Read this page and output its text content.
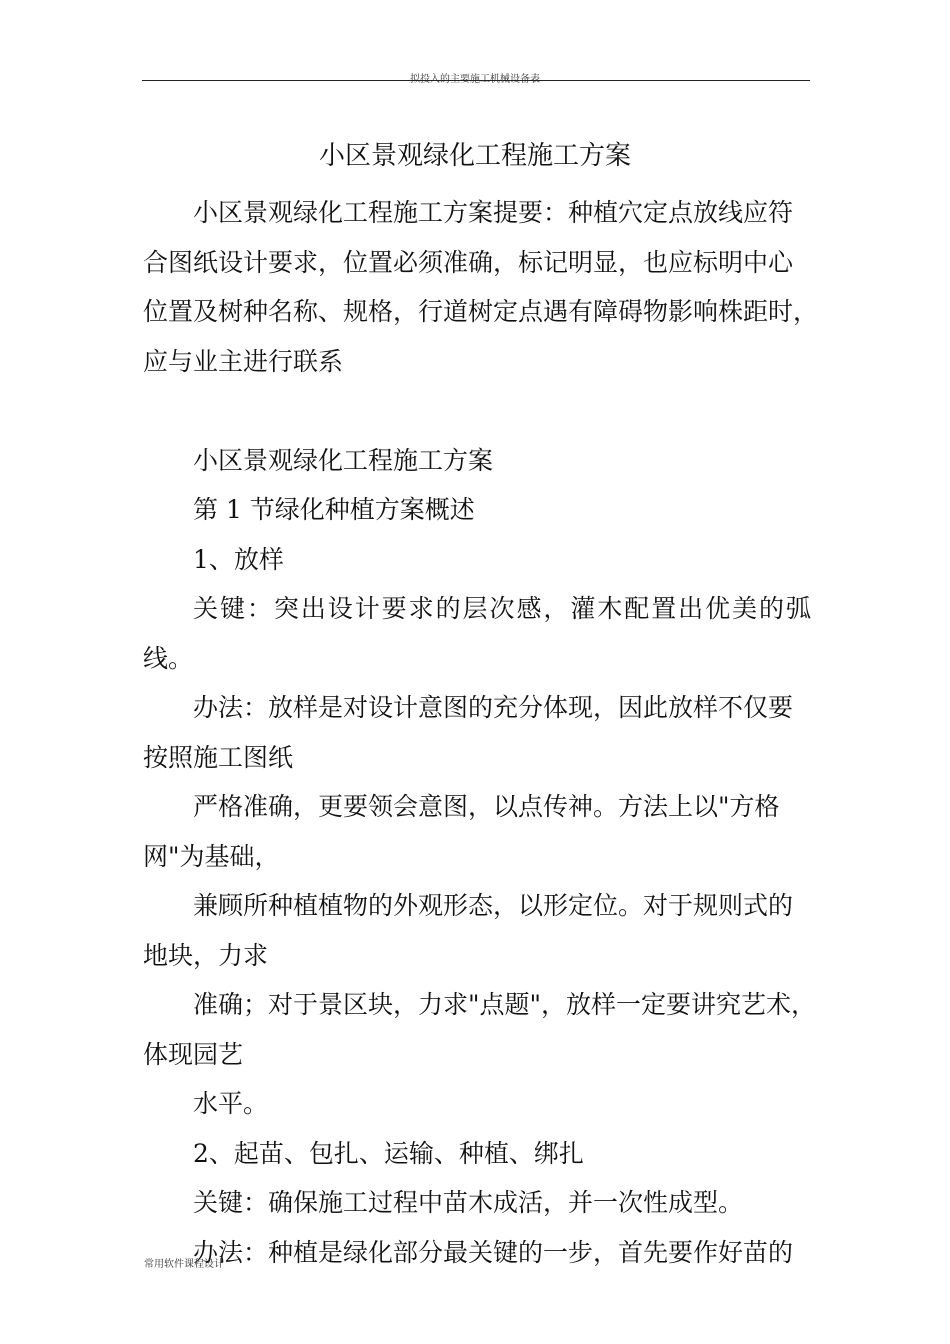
拟投入的主要施工机械设备表
小区景观绿化工程施工方案

小区景观绿化工程施工方案提要：种植穴定点放线应符
合图纸设计要求，位置必须准确，标记明显，也应标明中心
位置及树种名称、规格，行道树定点遇有障碍物影响株距时，
应与业主进行联系

小区景观绿化工程施工方案

第 1 节绿化种植方案概述

1、放样

关键：突出设计要求的层次感，灌木配置出优美的弧线。

办法：放样是对设计意图的充分体现，因此放样不仅要
按照施工图纸
严格准确，更要领会意图，以点传神。方法上以"方格
网"为基础，
兼顾所种植植物的外观形态，以形定位。对于规则式的
地块，力求
准确；对于景区块，力求"点题"，放样一定要讲究艺术，
体现园艺
水平。

2、起苗、包扎、运输、种植、绑扎

关键：确保施工过程中苗木成活，并一次性成型。

办法：种植是绿化部分最关键的一步，首先要作好苗的

常用软件课程设计
